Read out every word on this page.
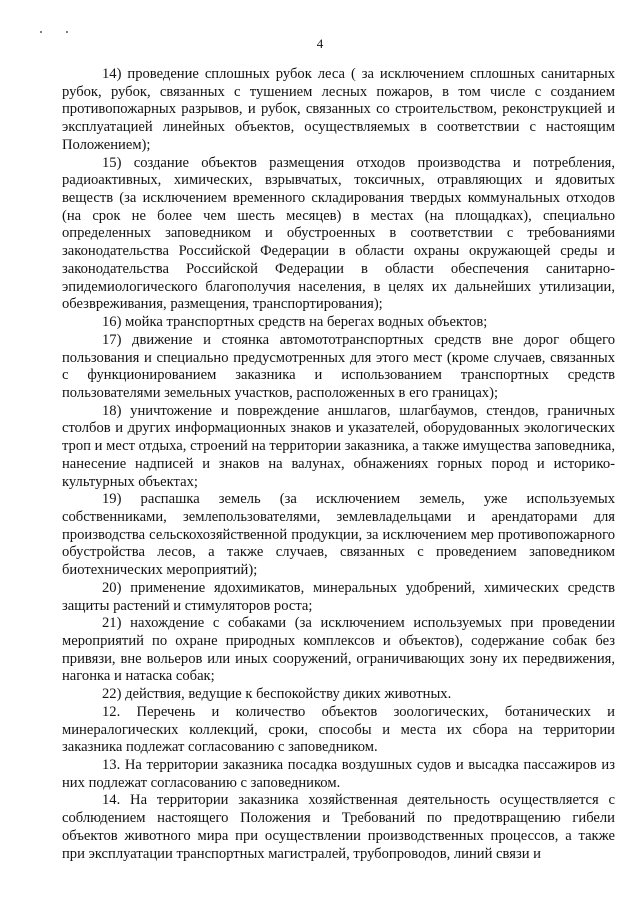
4

14) проведение сплошных рубок леса ( за исключением сплошных санитарных рубок, рубок, связанных с тушением лесных пожаров, в том числе с созданием противопожарных разрывов, и рубок, связанных со строительством, реконструкцией и эксплуатацией линейных объектов, осуществляемых в соответствии с настоящим Положением);

15) создание объектов размещения отходов производства и потребления, радиоактивных, химических, взрывчатых, токсичных, отравляющих и ядовитых веществ (за исключением временного складирования твердых коммунальных отходов (на срок не более чем шесть месяцев) в местах (на площадках), специально определенных заповедником и обустроенных в соответствии с требованиями законодательства Российской Федерации в области охраны окружающей среды и законодательства Российской Федерации в области обеспечения санитарно-эпидемиологического благополучия населения, в целях их дальнейших утилизации, обезвреживания, размещения, транспортирования);

16) мойка транспортных средств на берегах водных объектов;

17) движение и стоянка автомототранспортных средств вне дорог общего пользования и специально предусмотренных для этого мест (кроме случаев, связанных с функционированием заказника и использованием транспортных средств пользователями земельных участков, расположенных в его границах);

18) уничтожение и повреждение аншлагов, шлагбаумов, стендов, граничных столбов и других информационных знаков и указателей, оборудованных экологических троп и мест отдыха, строений на территории заказника, а также имущества заповедника, нанесение надписей и знаков на валунах, обнажениях горных пород и историко-культурных объектах;

19) распашка земель (за исключением земель, уже используемых собственниками, землепользователями, землевладельцами и арендаторами для производства сельскохозяйственной продукции, за исключением мер противопожарного обустройства лесов, а также случаев, связанных с проведением заповедником биотехнических мероприятий);

20) применение ядохимикатов, минеральных удобрений, химических средств защиты растений и стимуляторов роста;

21) нахождение с собаками (за исключением используемых при проведении мероприятий по охране природных комплексов и объектов), содержание собак без привязи, вне вольеров или иных сооружений, ограничивающих зону их передвижения, нагонка и натаска собак;

22) действия, ведущие к беспокойству диких животных.

12. Перечень и количество объектов зоологических, ботанических и минералогических коллекций, сроки, способы и места их сбора на территории заказника подлежат согласованию с заповедником.

13. На территории заказника посадка воздушных судов и высадка пассажиров из них подлежат согласованию с заповедником.

14. На территории заказника хозяйственная деятельность осуществляется с соблюдением настоящего Положения и Требований по предотвращению гибели объектов животного мира при осуществлении производственных процессов, а также при эксплуатации транспортных магистралей, трубопроводов, линий связи и
